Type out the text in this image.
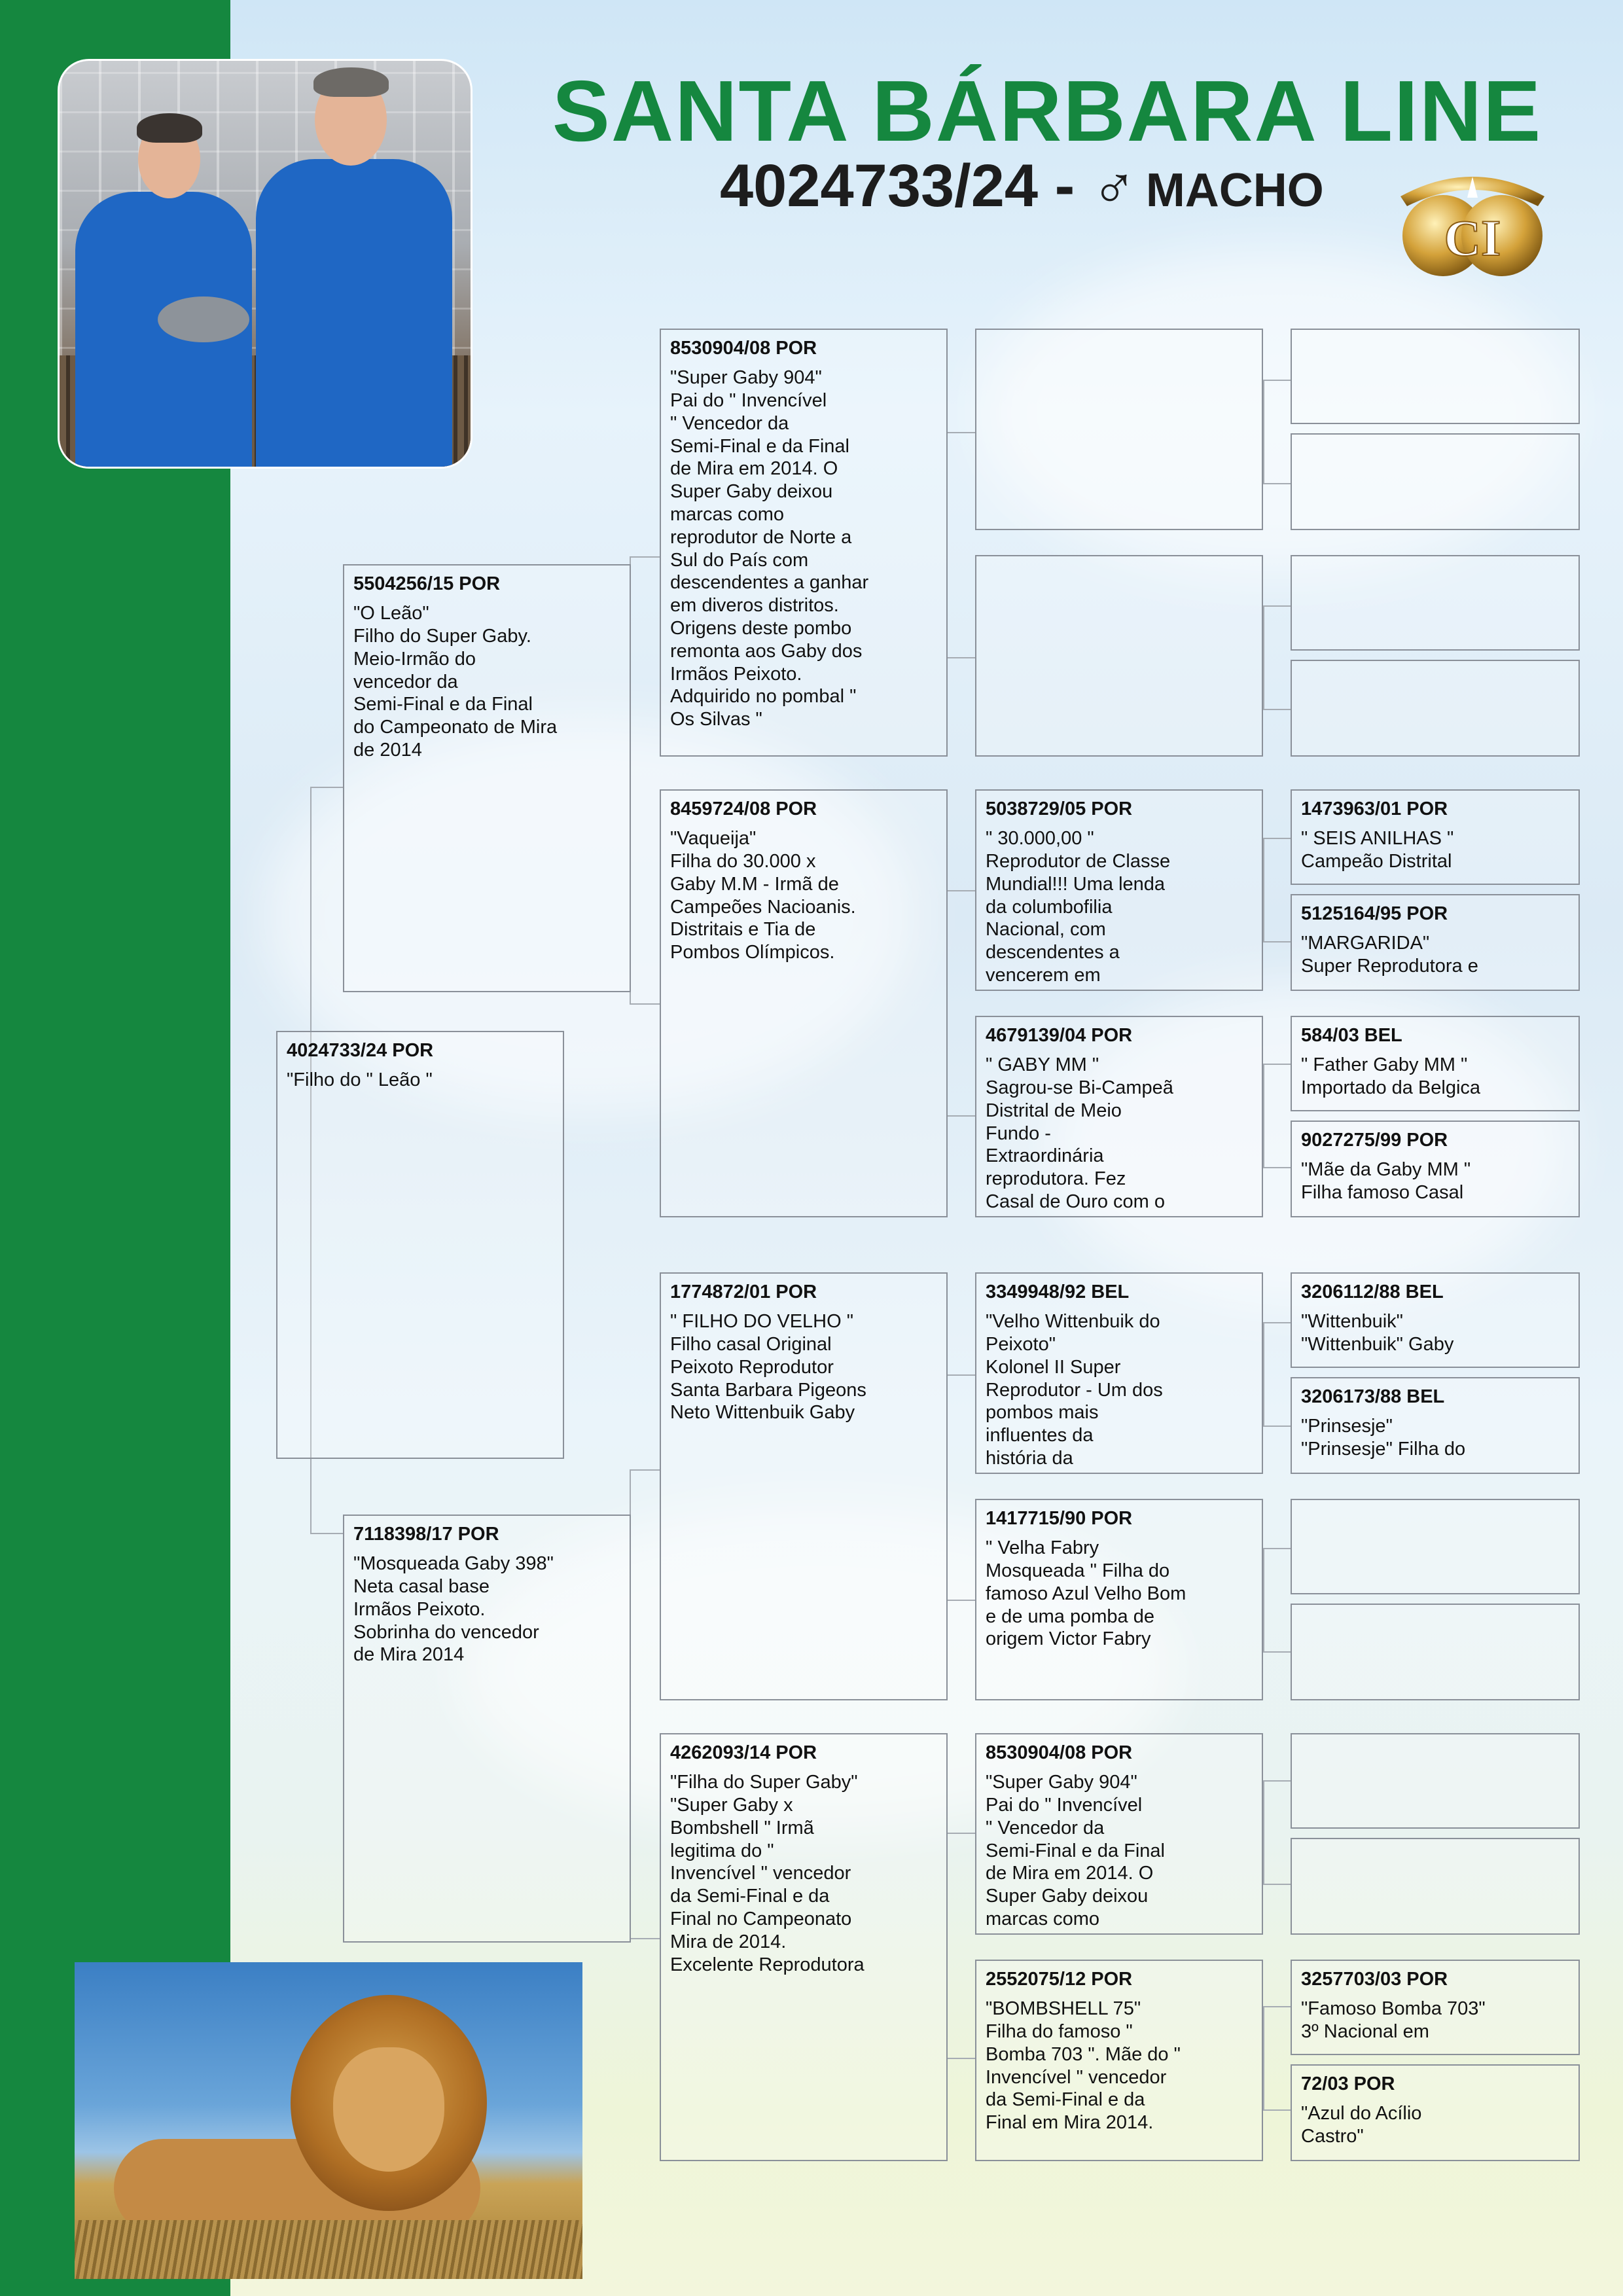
SANTA BÁRBARA LINE
4024733/24 - ♂ MACHO
CI
4024733/24 POR
"Filho do " Leão "
5504256/15 POR
"O Leão"
Filho do Super Gaby.
Meio-Irmão do
vencedor da
Semi-Final e da Final
do Campeonato de Mira
de 2014
7118398/17 POR
"Mosqueada Gaby 398"
Neta casal base
Irmãos Peixoto.
Sobrinha do vencedor
de Mira 2014
8530904/08 POR
"Super Gaby 904"
Pai do " Invencível
" Vencedor da
Semi-Final e da Final
de Mira em 2014. O
Super Gaby deixou
marcas como
reprodutor de Norte a
Sul do País com
descendentes a ganhar
em diveros distritos.
Origens deste pombo
remonta aos Gaby dos
Irmãos Peixoto.
Adquirido no pombal "
Os Silvas "
8459724/08 POR
"Vaqueija"
Filha do 30.000 x
Gaby M.M - Irmã de
Campeões Nacioanis.
Distritais e Tia de
Pombos Olímpicos.
1774872/01 POR
" FILHO DO VELHO "
Filho casal Original
Peixoto Reprodutor
Santa Barbara Pigeons
Neto Wittenbuik Gaby
4262093/14 POR
"Filha do Super Gaby"
"Super Gaby x
Bombshell " Irmã
legitima do "
Invencível " vencedor
da Semi-Final e da
Final no Campeonato
Mira de 2014.
Excelente Reprodutora
5038729/05 POR
" 30.000,00 "
Reprodutor de Classe
Mundial!!! Uma lenda
da columbofilia
Nacional, com
descendentes a
vencerem em
4679139/04 POR
" GABY MM "
Sagrou-se Bi-Campeã
Distrital de Meio
Fundo -
Extraordinária
reprodutora. Fez
Casal de Ouro com o
3349948/92 BEL
"Velho Wittenbuik do
Peixoto"
Kolonel II Super
Reprodutor - Um dos
pombos mais
influentes da
história da
1417715/90 POR
" Velha Fabry
Mosqueada " Filha do
famoso Azul Velho Bom
e de uma pomba de
origem Victor Fabry
8530904/08 POR
"Super Gaby 904"
Pai do " Invencível
" Vencedor da
Semi-Final e da Final
de Mira em 2014. O
Super Gaby deixou
marcas como
2552075/12 POR
"BOMBSHELL 75"
Filha do famoso "
Bomba 703 ". Mãe do "
Invencível " vencedor
da Semi-Final e da
Final em Mira 2014.
1473963/01 POR
" SEIS ANILHAS "
Campeão Distrital
5125164/95 POR
"MARGARIDA"
Super Reprodutora e
584/03 BEL
" Father Gaby MM "
Importado da Belgica
9027275/99 POR
"Mãe da Gaby MM "
Filha famoso Casal
3206112/88 BEL
"Wittenbuik"
"Wittenbuik" Gaby
3206173/88 BEL
"Prinsesje"
"Prinsesje" Filha do
3257703/03 POR
"Famoso Bomba 703"
3º Nacional em
72/03 POR
"Azul do Acílio
Castro"
